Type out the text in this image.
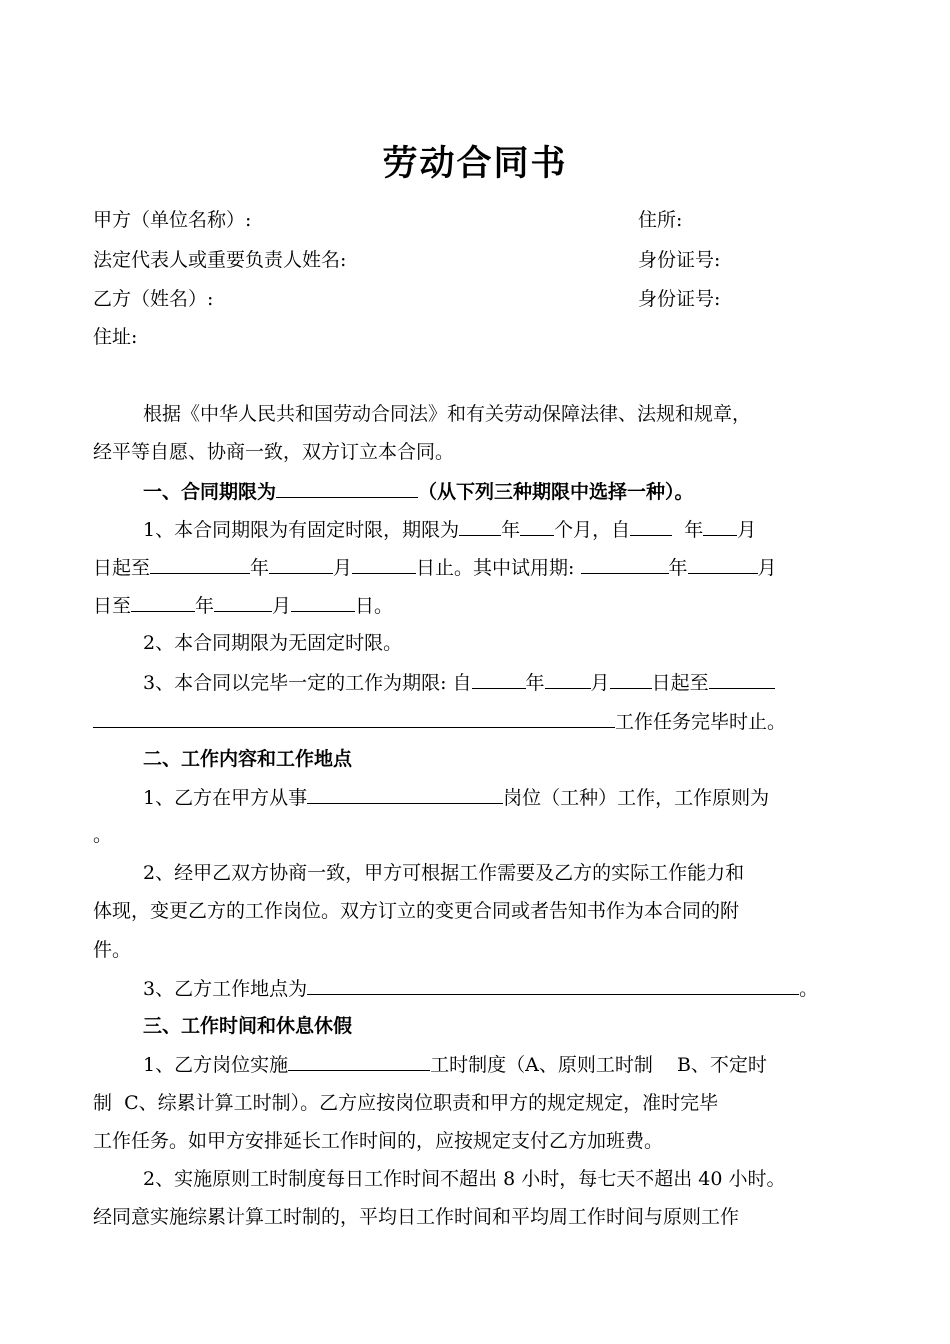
劳动合同书
甲方（单位名称）:	住所:
法定代表人或重要负责人姓名:	身份证号:
乙方（姓名）:	身份证号:
住址:
根据《中华人民共和国劳动合同法》和有关劳动保障法律、法规和规章，
经平等自愿、协商一致，双方订立本合同。
一、合同期限为	（从下列三种期限中选择一种）。
1、本合同期限为有固定时限，期限为 年 个月，自	年 月
日起至	年	月	日止。其中试用期:	年	月
日至	年	月	日。
2、本合同期限为无固定时限。
3、本合同以完毕一定的工作为期限: 自	年 月 日起至
工作任务完毕时止。
二、工作内容和工作地点
1、乙方在甲方从事	岗位（工种）工作，工作原则为
。
2、经甲乙双方协商一致，甲方可根据工作需要及乙方的实际工作能力和
体现，变更乙方的工作岗位。双方订立的变更合同或者告知书作为本合同的附
件。
3、乙方工作地点为	。
三、工作时间和休息休假
1、乙方岗位实施	工时制度（A、原则工时制    B、不定时
制  C、综累计算工时制）。乙方应按岗位职责和甲方的规定规定，准时完毕
工作任务。如甲方安排延长工作时间的，应按规定支付乙方加班费。
2、实施原则工时制度每日工作时间不超出 8 小时，每七天不超出 40 小时。
经同意实施综累计算工时制的，平均日工作时间和平均周工作时间与原则工作
